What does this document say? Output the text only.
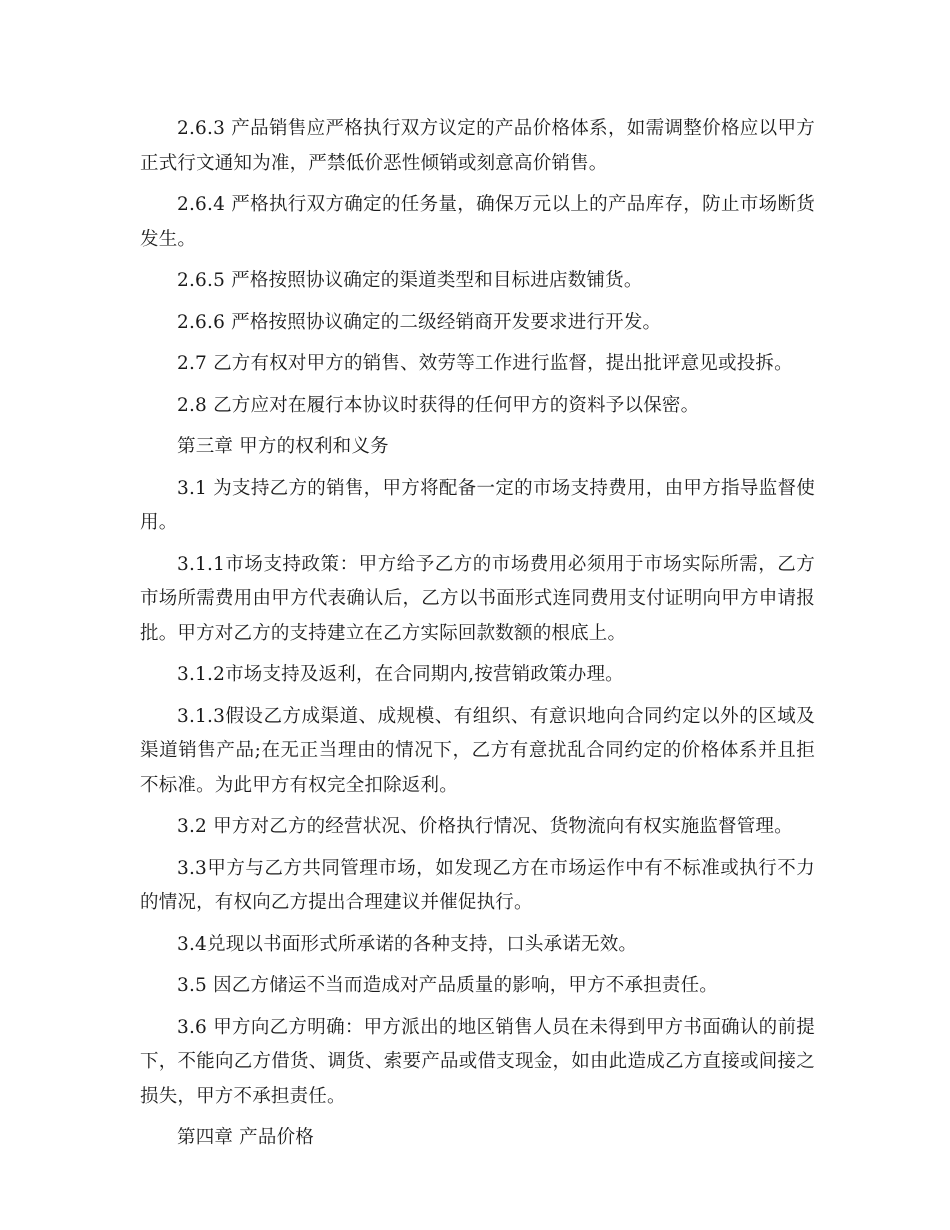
2.6.3 产品销售应严格执行双方议定的产品价格体系，如需调整价格应以甲方正式行文通知为准，严禁低价恶性倾销或刻意高价销售。

2.6.4 严格执行双方确定的任务量，确保万元以上的产品库存，防止市场断货发生。

2.6.5 严格按照协议确定的渠道类型和目标进店数铺货。

2.6.6 严格按照协议确定的二级经销商开发要求进行开发。

2.7 乙方有权对甲方的销售、效劳等工作进行监督，提出批评意见或投拆。

2.8 乙方应对在履行本协议时获得的任何甲方的资料予以保密。

第三章 甲方的权利和义务

3.1 为支持乙方的销售，甲方将配备一定的市场支持费用，由甲方指导监督使用。

3.1.1市场支持政策：甲方给予乙方的市场费用必须用于市场实际所需，乙方市场所需费用由甲方代表确认后，乙方以书面形式连同费用支付证明向甲方申请报批。甲方对乙方的支持建立在乙方实际回款数额的根底上。

3.1.2市场支持及返利，在合同期内,按营销政策办理。

3.1.3假设乙方成渠道、成规模、有组织、有意识地向合同约定以外的区域及渠道销售产品;在无正当理由的情况下，乙方有意扰乱合同约定的价格体系并且拒不标准。为此甲方有权完全扣除返利。

3.2 甲方对乙方的经营状况、价格执行情况、货物流向有权实施监督管理。

3.3甲方与乙方共同管理市场，如发现乙方在市场运作中有不标准或执行不力的情况，有权向乙方提出合理建议并催促执行。

3.4兑现以书面形式所承诺的各种支持，口头承诺无效。

3.5 因乙方储运不当而造成对产品质量的影响，甲方不承担责任。

3.6 甲方向乙方明确：甲方派出的地区销售人员在未得到甲方书面确认的前提下，不能向乙方借货、调货、索要产品或借支现金，如由此造成乙方直接或间接之损失，甲方不承担责任。

第四章 产品价格
